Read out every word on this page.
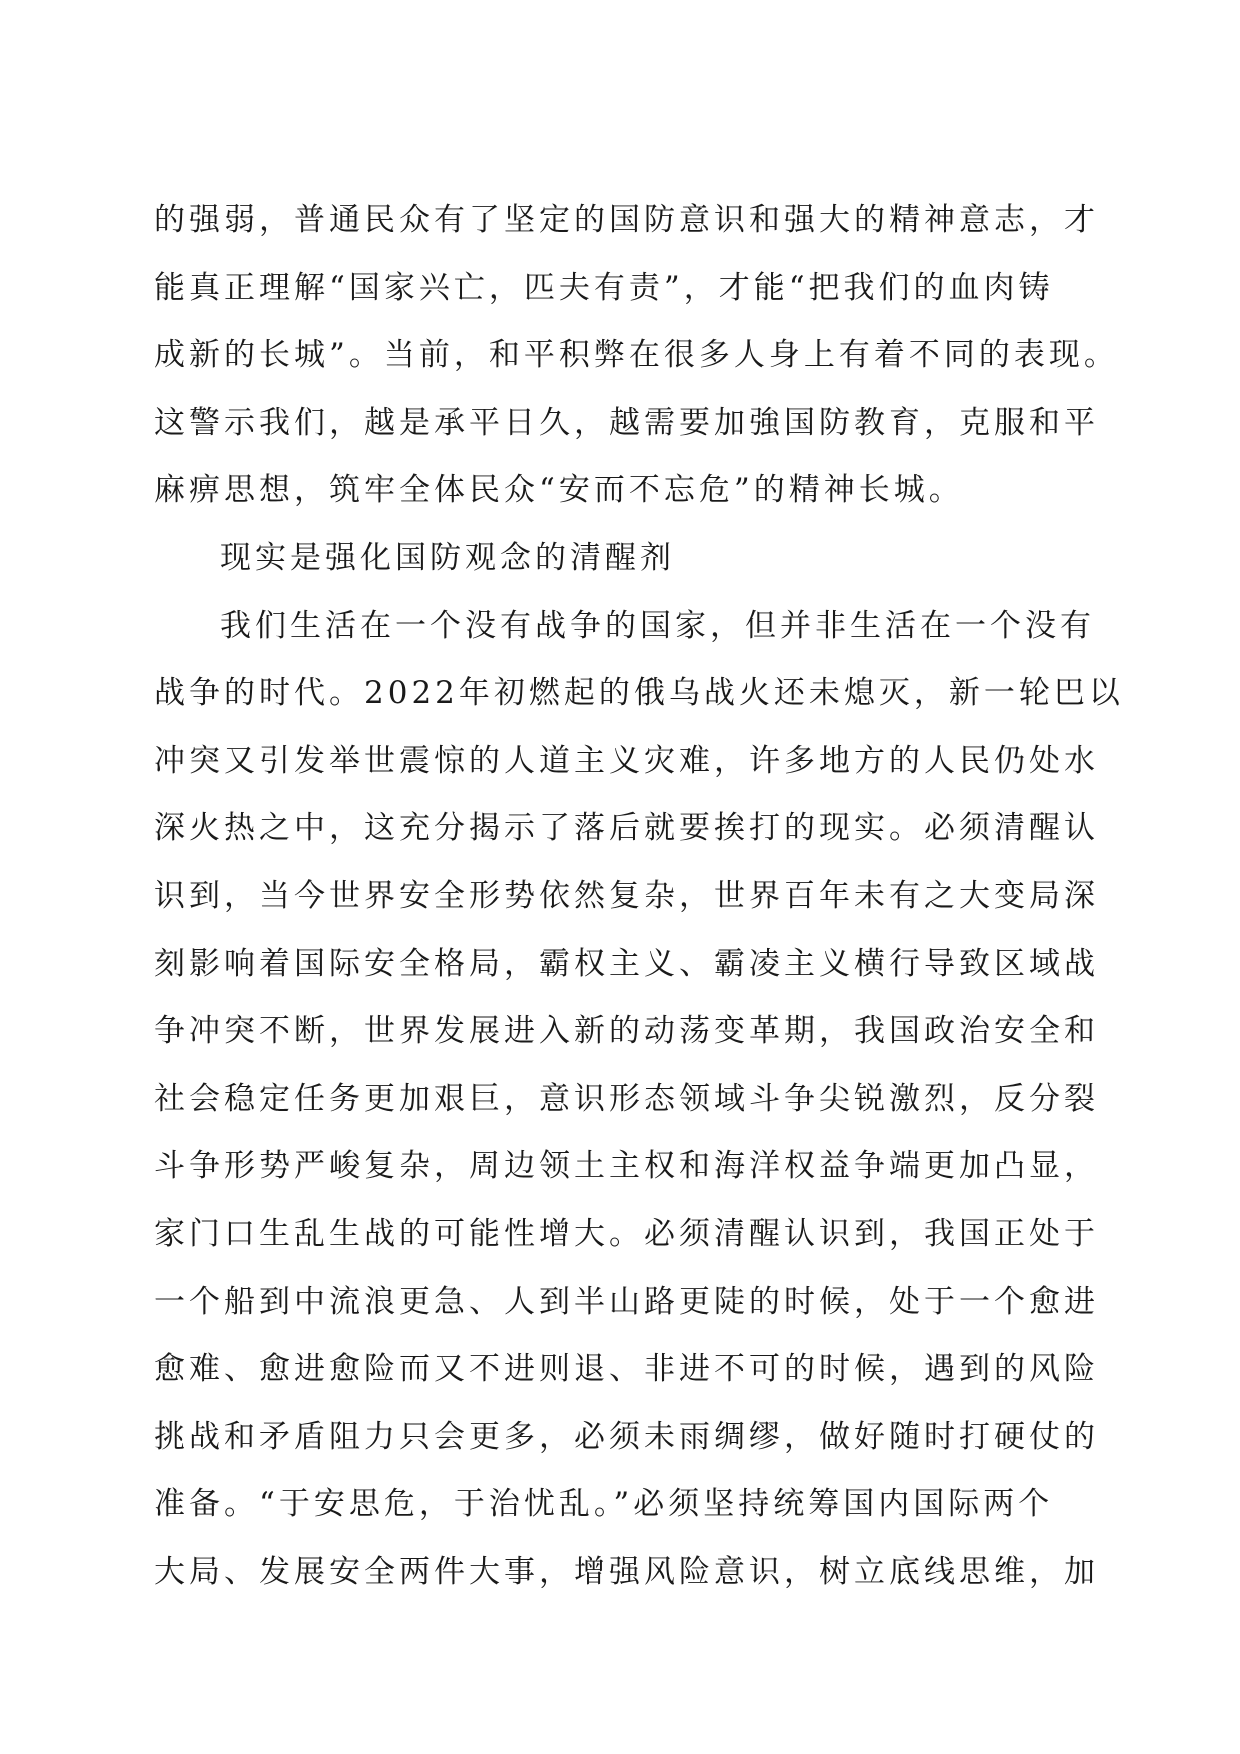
的强弱，普通民众有了坚定的国防意识和强大的精神意志，才
能真正理解“国家兴亡，匹夫有责”，才能“把我们的血肉铸
成新的长城”。当前，和平积弊在很多人身上有着不同的表现。
这警示我们，越是承平日久，越需要加強国防教育，克服和平
麻痹思想，筑牢全体民众“安而不忘危”的精神长城。
现实是强化国防观念的清醒剂
我们生活在一个没有战争的国家，但并非生活在一个没有
战争的时代。2022年初燃起的俄乌战火还未熄灭，新一轮巴以
冲突又引发举世震惊的人道主义灾难，许多地方的人民仍处水
深火热之中，这充分揭示了落后就要挨打的现实。必须清醒认
识到，当今世界安全形势依然复杂，世界百年未有之大变局深
刻影响着国际安全格局，霸权主义、霸凌主义横行导致区域战
争冲突不断，世界发展进入新的动荡变革期，我国政治安全和
社会稳定任务更加艰巨，意识形态领域斗争尖锐激烈，反分裂
斗争形势严峻复杂，周边领土主权和海洋权益争端更加凸显，
家门口生乱生战的可能性增大。必须清醒认识到，我国正处于
一个船到中流浪更急、人到半山路更陡的时候，处于一个愈进
愈难、愈进愈险而又不进则退、非进不可的时候，遇到的风险
挑战和矛盾阻力只会更多，必须未雨绸缪，做好随时打硬仗的
准备。“于安思危，于治忧乱。”必须坚持统筹国内国际两个
大局、发展安全两件大事，增强风险意识，树立底线思维，加
